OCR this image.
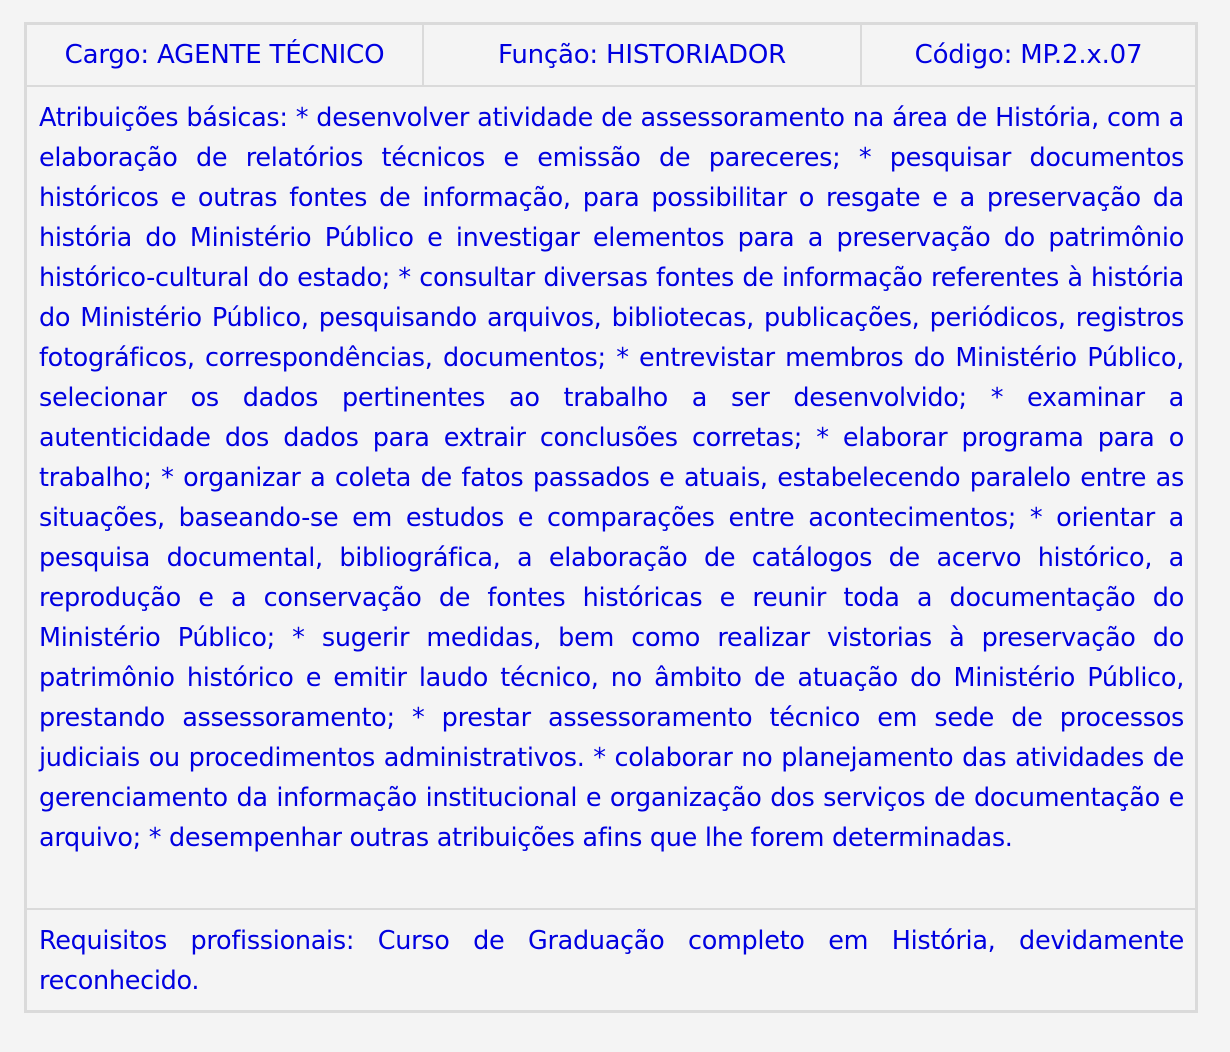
Cargo: AGENTE TÉCNICO	Função: HISTORIADOR	Código: MP.2.x.07
Atribuições básicas: * desenvolver atividade de assessoramento na área de História, com a elaboração de relatórios técnicos e emissão de pareceres; * pesquisar documentos históricos e outras fontes de informação, para possibilitar o resgate e a preservação da história do Ministério Público e investigar elementos para a preservação do patrimônio histórico-cultural do estado; * consultar diversas fontes de informação referentes à história do Ministério Público, pesquisando arquivos, bibliotecas, publicações, periódicos, registros fotográficos, correspondências, documentos; * entrevistar membros do Ministério Público, selecionar os dados pertinentes ao trabalho a ser desenvolvido; * examinar a autenticidade dos dados para extrair conclusões corretas; * elaborar programa para o trabalho; * organizar a coleta de fatos passados e atuais, estabelecendo paralelo entre as situações, baseando-se em estudos e comparações entre acontecimentos; * orientar a pesquisa documental, bibliográfica, a elaboração de catálogos de acervo histórico, a reprodução e a conservação de fontes históricas e reunir toda a documentação do Ministério Público; * sugerir medidas, bem como realizar vistorias à preservação do patrimônio histórico e emitir laudo técnico, no âmbito de atuação do Ministério Público, prestando assessoramento; * prestar assessoramento técnico em sede de processos judiciais ou procedimentos administrativos. * colaborar no planejamento das atividades de gerenciamento da informação institucional e organização dos serviços de documentação e arquivo; * desempenhar outras atribuições afins que lhe forem determinadas.
Requisitos profissionais: Curso de Graduação completo em História, devidamente reconhecido.
